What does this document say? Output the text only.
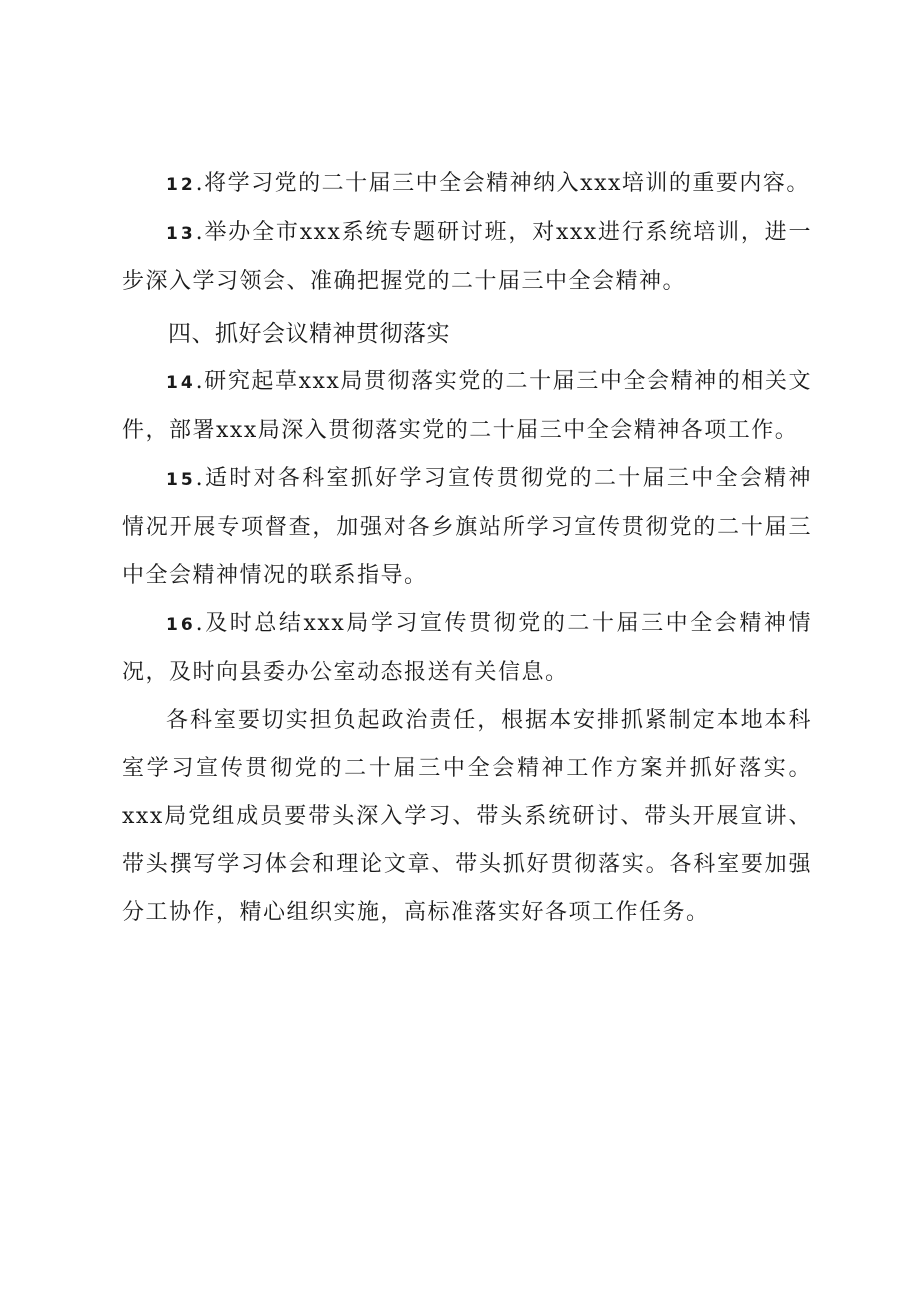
12.将学习党的二十届三中全会精神纳入xxx培训的重要内容。

13.举办全市xxx系统专题研讨班，对xxx进行系统培训，进一步深入学习领会、准确把握党的二十届三中全会精神。

四、抓好会议精神贯彻落实

14.研究起草xxx局贯彻落实党的二十届三中全会精神的相关文件，部署xxx局深入贯彻落实党的二十届三中全会精神各项工作。

15.适时对各科室抓好学习宣传贯彻党的二十届三中全会精神情况开展专项督查，加强对各乡旗站所学习宣传贯彻党的二十届三中全会精神情况的联系指导。

16.及时总结xxx局学习宣传贯彻党的二十届三中全会精神情况，及时向县委办公室动态报送有关信息。

各科室要切实担负起政治责任，根据本安排抓紧制定本地本科室学习宣传贯彻党的二十届三中全会精神工作方案并抓好落实。xxx局党组成员要带头深入学习、带头系统研讨、带头开展宣讲、带头撰写学习体会和理论文章、带头抓好贯彻落实。各科室要加强分工协作，精心组织实施，高标准落实好各项工作任务。
